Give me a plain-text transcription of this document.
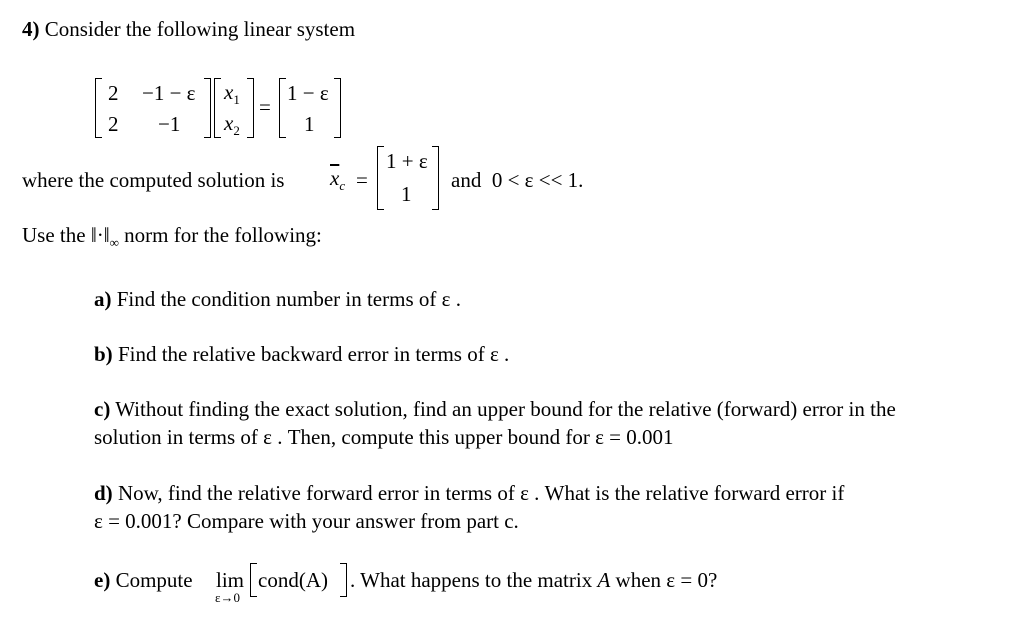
4) Consider the following linear system
2 −1 − ε
2 −1
$x_1$
$x_2$
=
1 − ε
1
where the computed solution is $\overline{x}_c$ =
1 + ε
1
and  0 < ε << 1.
Use the $‖\cdot‖_\infty$ norm for the following:
a) Find the condition number in terms of ε .
b) Find the relative backward error in terms of ε .
c) Without finding the exact solution, find an upper bound for the relative (forward) error in the
solution in terms of ε . Then, compute this upper bound for ε = 0.001
d) Now, find the relative forward error in terms of ε . What is the relative forward error if
ε = 0.001? Compare with your answer from part c.
e) Compute lim
ε→0
cond(A) . What happens to the matrix A when ε = 0?
